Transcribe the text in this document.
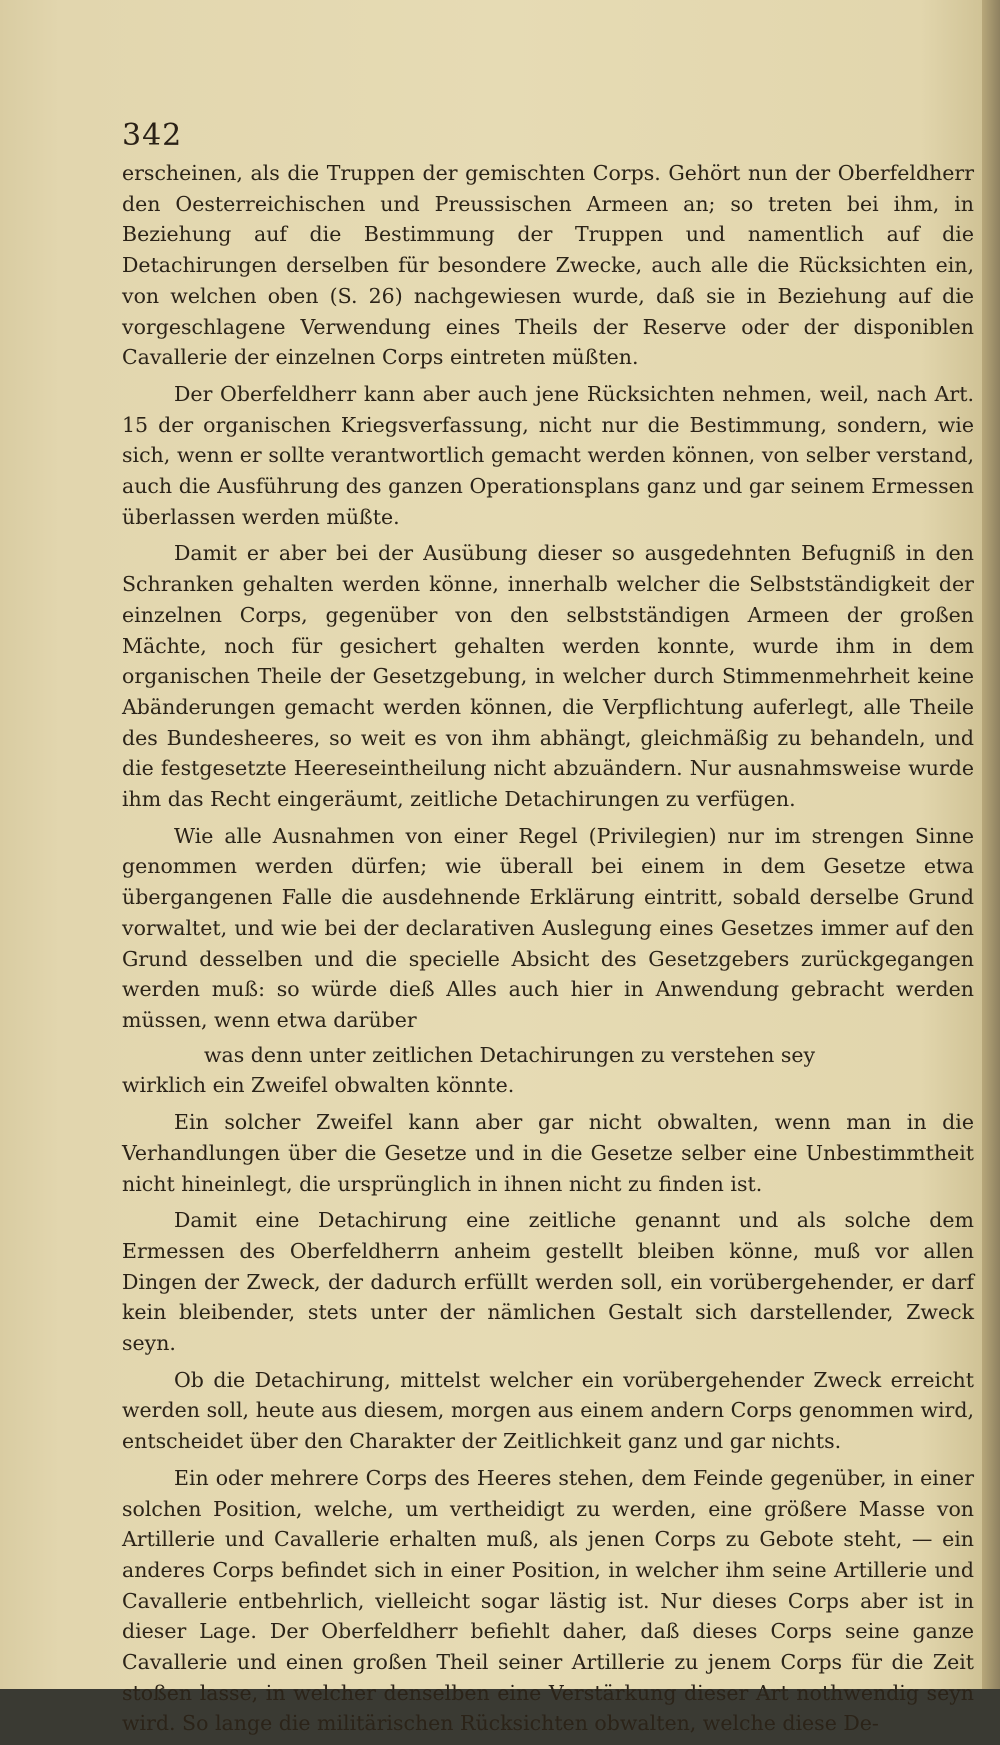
342

erscheinen, als die Truppen der gemischten Corps. Gehört nun der Oberfeldherr den Oesterreichischen und Preussischen Armeen an; so treten bei ihm, in Beziehung auf die Bestimmung der Truppen und namentlich auf die Detachirungen derselben für besondere Zwecke, auch alle die Rücksichten ein, von welchen oben (S. 26) nachgewiesen wurde, daß sie in Beziehung auf die vorgeschlagene Verwendung eines Theils der Reserve oder der disponiblen Cavallerie der einzelnen Corps eintreten müßten.

Der Oberfeldherr kann aber auch jene Rücksichten nehmen, weil, nach Art. 15 der organischen Kriegsverfassung, nicht nur die Bestimmung, sondern, wie sich, wenn er sollte verantwortlich gemacht werden können, von selber verstand, auch die Ausführung des ganzen Operationsplans ganz und gar seinem Ermessen überlassen werden müßte.

Damit er aber bei der Ausübung dieser so ausgedehnten Befugniß in den Schranken gehalten werden könne, innerhalb welcher die Selbstständigkeit der einzelnen Corps, gegenüber von den selbstständigen Armeen der großen Mächte, noch für gesichert gehalten werden konnte, wurde ihm in dem organischen Theile der Gesetzgebung, in welcher durch Stimmenmehrheit keine Abänderungen gemacht werden können, die Verpflichtung auferlegt, alle Theile des Bundesheeres, so weit es von ihm abhängt, gleichmäßig zu behandeln, und die festgesetzte Heereseintheilung nicht abzuändern. Nur ausnahmsweise wurde ihm das Recht eingeräumt, zeitliche Detachirungen zu verfügen.

Wie alle Ausnahmen von einer Regel (Privilegien) nur im strengen Sinne genommen werden dürfen; wie überall bei einem in dem Gesetze etwa übergangenen Falle die ausdehnende Erklärung eintritt, sobald derselbe Grund vorwaltet, und wie bei der declarativen Auslegung eines Gesetzes immer auf den Grund desselben und die specielle Absicht des Gesetzgebers zurückgegangen werden muß: so würde dieß Alles auch hier in Anwendung gebracht werden müssen, wenn etwa darüber

was denn unter zeitlichen Detachirungen zu verstehen sey

wirklich ein Zweifel obwalten könnte.

Ein solcher Zweifel kann aber gar nicht obwalten, wenn man in die Verhandlungen über die Gesetze und in die Gesetze selber eine Unbestimmtheit nicht hineinlegt, die ursprünglich in ihnen nicht zu finden ist.

Damit eine Detachirung eine zeitliche genannt und als solche dem Ermessen des Oberfeldherrn anheim gestellt bleiben könne, muß vor allen Dingen der Zweck, der dadurch erfüllt werden soll, ein vorübergehender, er darf kein bleibender, stets unter der nämlichen Gestalt sich darstellender, Zweck seyn.

Ob die Detachirung, mittelst welcher ein vorübergehender Zweck erreicht werden soll, heute aus diesem, morgen aus einem andern Corps genommen wird, entscheidet über den Charakter der Zeitlichkeit ganz und gar nichts.

Ein oder mehrere Corps des Heeres stehen, dem Feinde gegenüber, in einer solchen Position, welche, um vertheidigt zu werden, eine größere Masse von Artillerie und Cavallerie erhalten muß, als jenen Corps zu Gebote steht, — ein anderes Corps befindet sich in einer Position, in welcher ihm seine Artillerie und Cavallerie entbehrlich, vielleicht sogar lästig ist. Nur dieses Corps aber ist in dieser Lage. Der Oberfeldherr befiehlt daher, daß dieses Corps seine ganze Cavallerie und einen großen Theil seiner Artillerie zu jenem Corps für die Zeit stoßen lasse, in welcher denselben eine Verstärkung dieser Art nothwendig seyn wird. So lange die militärischen Rücksichten obwalten, welche diese De-
